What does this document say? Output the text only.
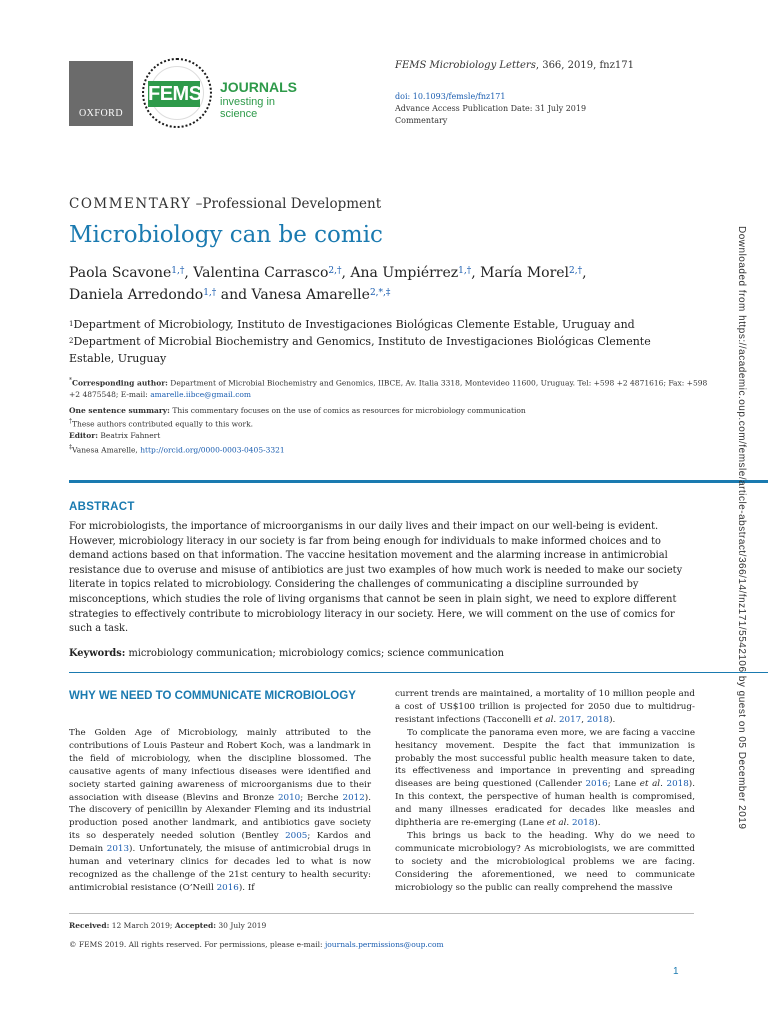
OXFORD
FEMS JOURNALS
investing in science
FEMS Microbiology Letters, 366, 2019, fnz171
doi: 10.1093/femsle/fnz171
Advance Access Publication Date: 31 July 2019
Commentary
COMMENTARY –Professional Development
Microbiology can be comic
Paola Scavone$^{1,\dagger}$, Valentina Carrasco$^{2,\dagger}$, Ana Umpiérrez$^{1,\dagger}$, María Morel$^{2,\dagger}$,
Daniela Arredondo$^{1,\dagger}$ and Vanesa Amarelle$^{2,*,\ddagger}$
$^1$Department of Microbiology, Instituto de Investigaciones Biológicas Clemente Estable, Uruguay and
$^2$Department of Microbial Biochemistry and Genomics, Instituto de Investigaciones Biológicas Clemente Estable, Uruguay
*Corresponding author: Department of Microbial Biochemistry and Genomics, IIBCE, Av. Italia 3318, Montevideo 11600, Uruguay. Tel: +598 +2 4871616; Fax: +598 +2 4875548; E-mail: amarelle.iibce@gmail.com
One sentence summary: This commentary focuses on the use of comics as resources for microbiology communication
†These authors contributed equally to this work.
Editor: Beatrix Fahnert
‡Vanesa Amarelle, http://orcid.org/0000-0003-0405-3321
ABSTRACT

For microbiologists, the importance of microorganisms in our daily lives and their impact on our well-being is evident. However, microbiology literacy in our society is far from being enough for individuals to make informed choices and to demand actions based on that information. The vaccine hesitation movement and the alarming increase in antimicrobial resistance due to overuse and misuse of antibiotics are just two examples of how much work is needed to make our society literate in topics related to microbiology. Considering the challenges of communicating a discipline surrounded by misconceptions, which studies the role of living organisms that cannot be seen in plain sight, we need to explore different strategies to effectively contribute to microbiology literacy in our society. Here, we will comment on the use of comics for such a task.

Keywords: microbiology communication; microbiology comics; science communication
WHY WE NEED TO COMMUNICATE MICROBIOLOGY

The Golden Age of Microbiology, mainly attributed to the contributions of Louis Pasteur and Robert Koch, was a landmark in the field of microbiology, when the discipline blossomed. The causative agents of many infectious diseases were identified and society started gaining awareness of microorganisms due to their association with disease (Blevins and Bronze 2010; Berche 2012). The discovery of penicillin by Alexander Fleming and its industrial production posed another landmark, and antibiotics gave society its so desperately needed solution (Bentley 2005; Kardos and Demain 2013). Unfortunately, the misuse of antimicrobial drugs in human and veterinary clinics for decades led to what is now recognized as the challenge of the 21st century to health security: antimicrobial resistance (O’Neill 2016). If

current trends are maintained, a mortality of 10 million people and a cost of US$100 trillion is projected for 2050 due to multidrug-resistant infections (Tacconelli et al. 2017, 2018).

To complicate the panorama even more, we are facing a vaccine hesitancy movement. Despite the fact that immunization is probably the most successful public health measure taken to date, its effectiveness and importance in preventing and spreading diseases are being questioned (Callender 2016; Lane et al. 2018). In this context, the perspective of human health is compromised, and many illnesses eradicated for decades like measles and diphtheria are re-emerging (Lane et al. 2018).

This brings us back to the heading. Why do we need to communicate microbiology? As microbiologists, we are committed to society and the microbiological problems we are facing. Considering the aforementioned, we need to communicate microbiology so the public can really comprehend the massive

Received: 12 March 2019; Accepted: 30 July 2019
© FEMS 2019. All rights reserved. For permissions, please e-mail: journals.permissions@oup.com
1
Downloaded from https://academic.oup.com/femsle/article-abstract/366/14/fnz171/5542106 by guest on 05 December 2019
